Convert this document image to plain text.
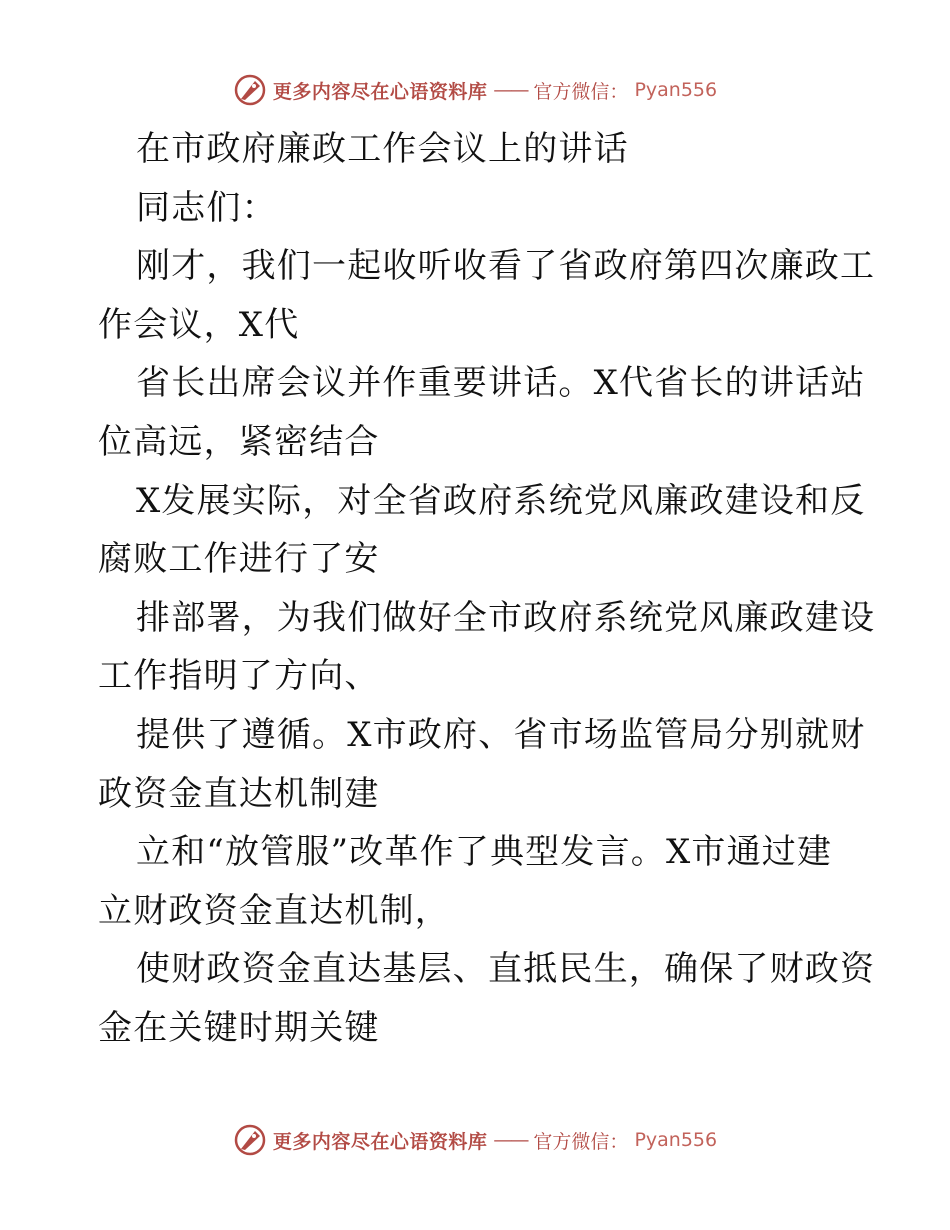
更多内容尽在心语资料库 —— 官方微信： Pyan556
在市政府廉政工作会议上的讲话
同志们：
刚才，我们一起收听收看了省政府第四次廉政工
作会议，X代
省长出席会议并作重要讲话。X代省长的讲话站
位高远，紧密结合
X发展实际，对全省政府系统党风廉政建设和反
腐败工作进行了安
排部署，为我们做好全市政府系统党风廉政建设
工作指明了方向、
提供了遵循。X市政府、省市场监管局分别就财
政资金直达机制建
立和“放管服”改革作了典型发言。X市通过建
立财政资金直达机制，
使财政资金直达基层、直抵民生，确保了财政资
金在关键时期关键
更多内容尽在心语资料库 —— 官方微信： Pyan556
